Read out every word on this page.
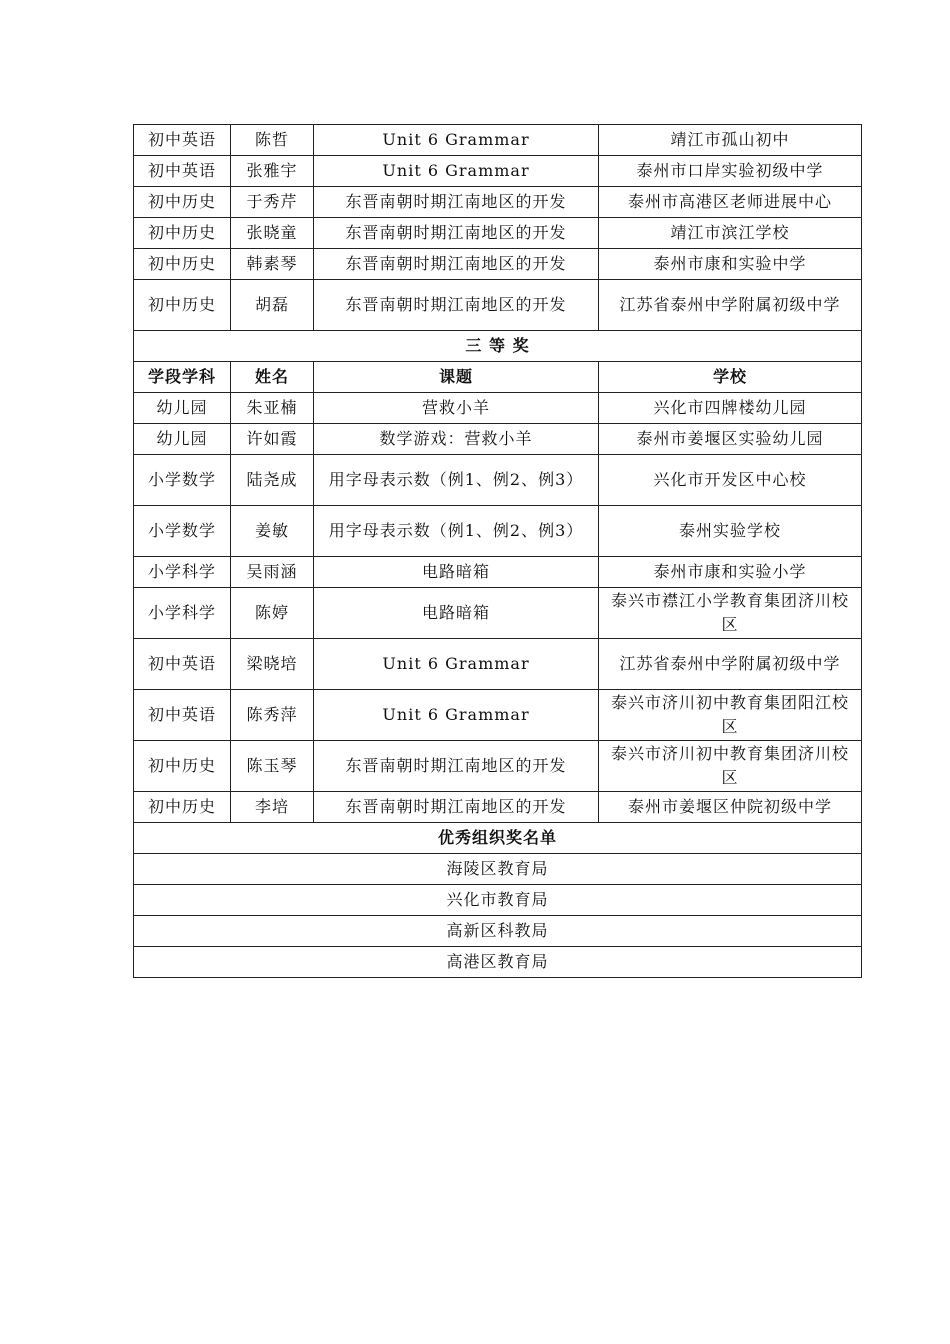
初中英语	陈哲	Unit 6 Grammar	靖江市孤山初中
初中英语	张雅宇	Unit 6 Grammar	泰州市口岸实验初级中学
初中历史	于秀芹	东晋南朝时期江南地区的开发	泰州市高港区老师进展中心
初中历史	张晓童	东晋南朝时期江南地区的开发	靖江市滨江学校
初中历史	韩素琴	东晋南朝时期江南地区的开发	泰州市康和实验中学
初中历史	胡磊	东晋南朝时期江南地区的开发	江苏省泰州中学附属初级中学
三 等 奖			
学段学科	姓名	课题	学校
幼儿园	朱亚楠	营救小羊	兴化市四牌楼幼儿园
幼儿园	许如霞	数学游戏：营救小羊	泰州市姜堰区实验幼儿园
小学数学	陆尧成	用字母表示数（例1、例2、例3）	兴化市开发区中心校
小学数学	姜敏	用字母表示数（例1、例2、例3）	泰州实验学校
小学科学	吴雨涵	电路暗箱	泰州市康和实验小学
小学科学	陈婷	电路暗箱	泰兴市襟江小学教育集团济川校区
初中英语	梁晓培	Unit 6 Grammar	江苏省泰州中学附属初级中学
初中英语	陈秀萍	Unit 6 Grammar	泰兴市济川初中教育集团阳江校区
初中历史	陈玉琴	东晋南朝时期江南地区的开发	泰兴市济川初中教育集团济川校区
初中历史	李培	东晋南朝时期江南地区的开发	泰州市姜堰区仲院初级中学
优秀组织奖名单			
海陵区教育局			
兴化市教育局			
高新区科教局			
高港区教育局			
